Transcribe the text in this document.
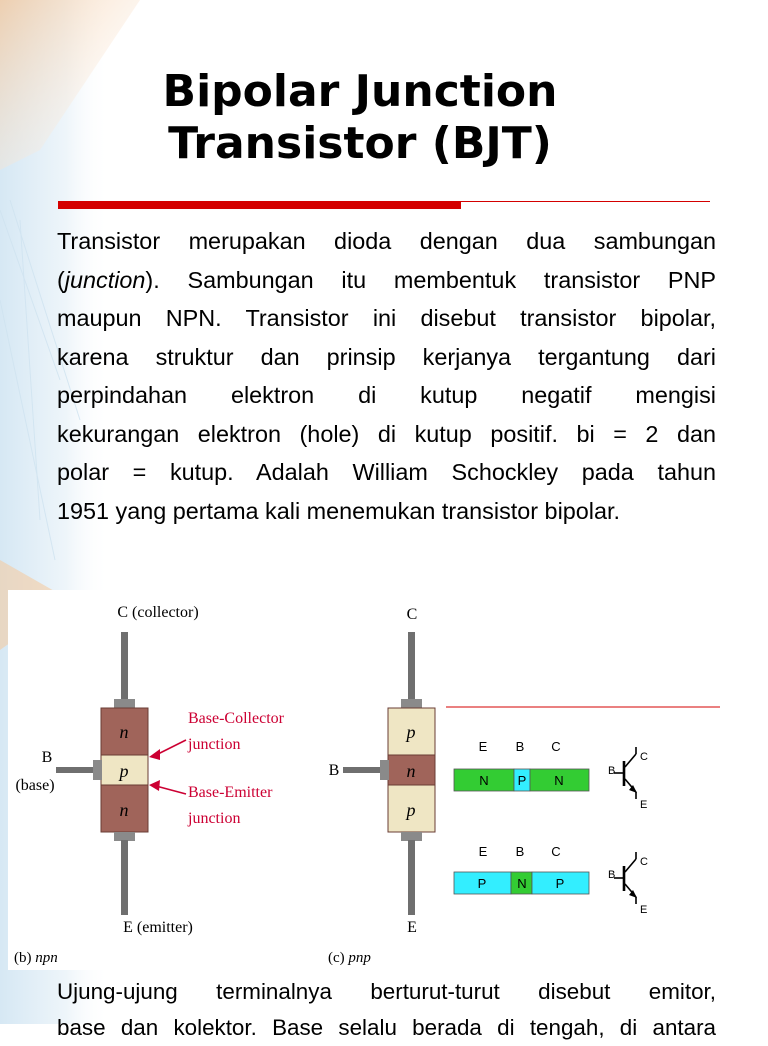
Bipolar Junction
Transistor (BJT)
Transistor merupakan dioda dengan dua sambungan
(junction). Sambungan itu membentuk transistor PNP
maupun NPN. Transistor ini disebut transistor bipolar,
karena struktur dan prinsip kerjanya tergantung dari
perpindahan elektron di kutup negatif mengisi
kekurangan elektron (hole) di kutup positif. bi = 2 dan
polar = kutup. Adalah William Schockley pada tahun
1951 yang pertama kali menemukan transistor bipolar.
C (collector)
n
p
n
B
(base)
E (emitter)
Base-Collector
junction
Base-Emitter
junction
(b) npn
C
p
n
p
B
E
(c) pnp
E B C
N P N
B
C
E
E B C
P N P
B
C
E
Ujung-ujung terminalnya berturut-turut disebut emitor,
base dan kolektor. Base selalu berada di tengah, di antara
